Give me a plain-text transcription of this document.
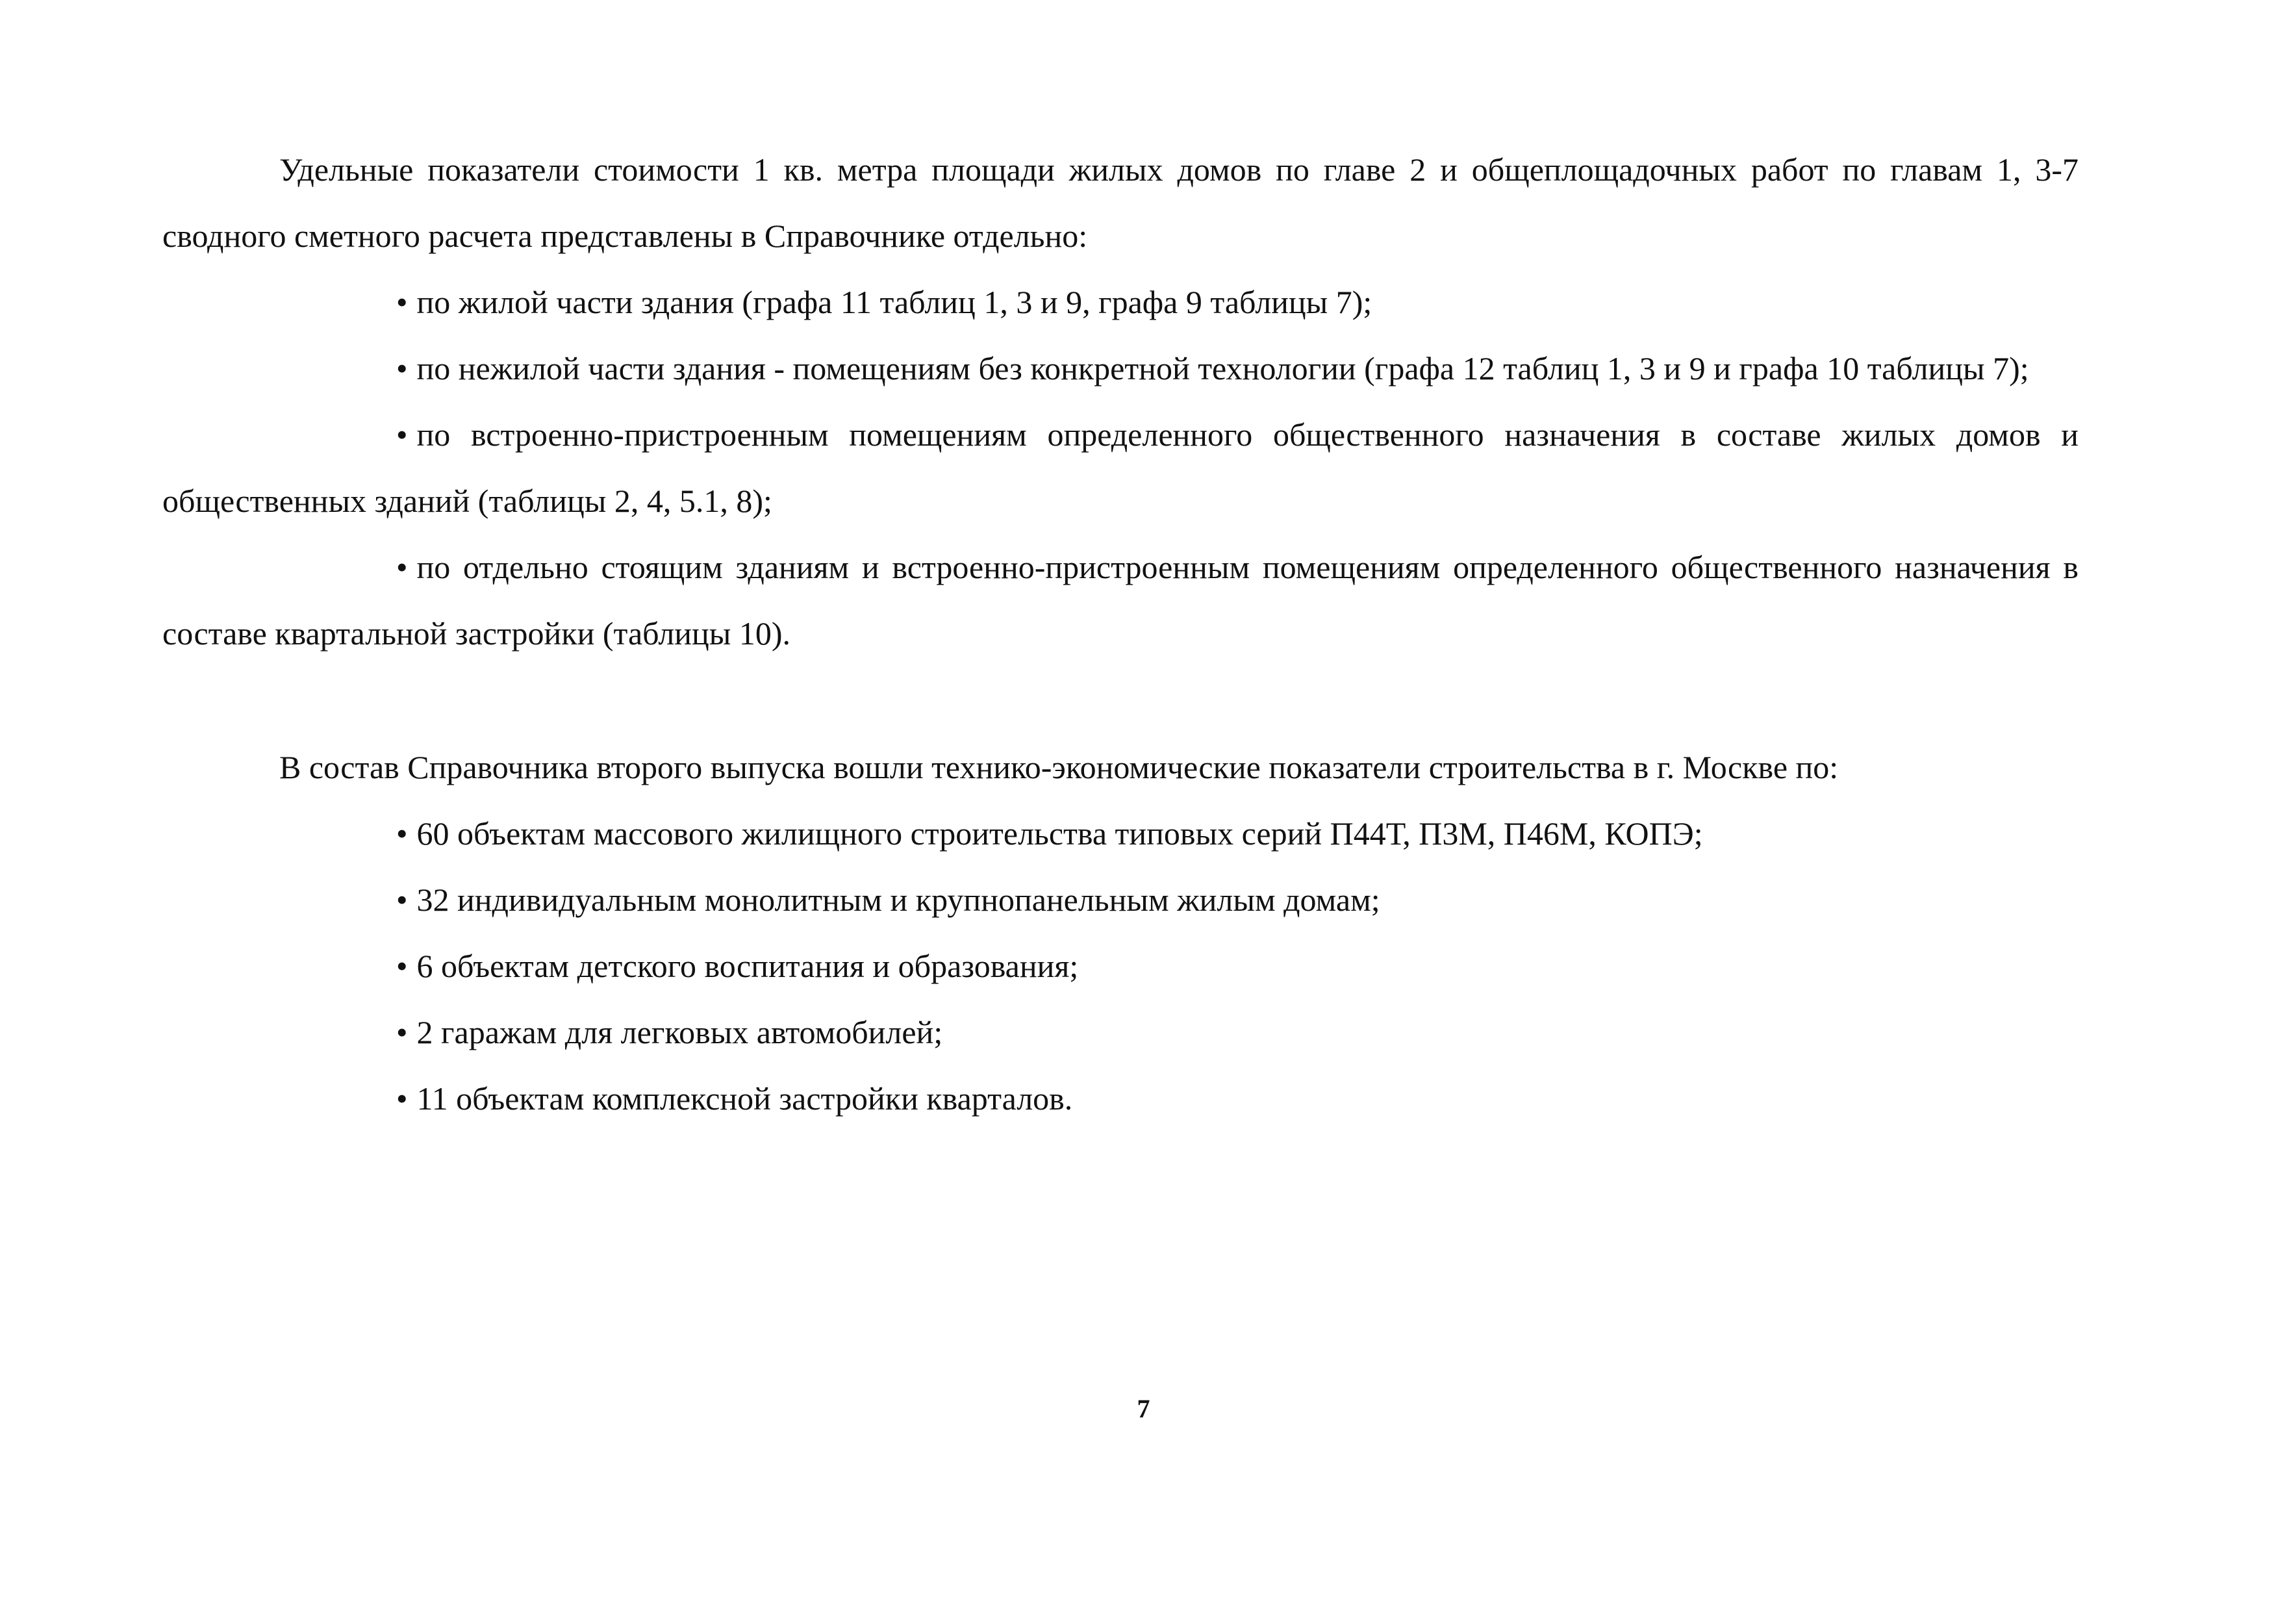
Удельные показатели стоимости 1 кв. метра площади жилых домов по главе 2 и общеплощадочных работ по главам 1, 3-7 сводного сметного расчета представлены в Справочнике отдельно:

• по жилой части здания (графа 11 таблиц 1, 3 и 9, графа 9 таблицы 7);

• по нежилой части здания - помещениям без конкретной технологии (графа 12 таблиц 1, 3 и 9 и графа 10 таблицы 7);

• по встроенно-пристроенным помещениям определенного общественного назначения в составе жилых домов и общественных зданий (таблицы 2, 4, 5.1, 8);

• по отдельно стоящим зданиям и встроенно-пристроенным помещениям определенного общественного назначения в составе квартальной застройки (таблицы 10).

В состав Справочника второго выпуска вошли технико-экономические показатели строительства в г. Москве по:

• 60 объектам массового жилищного строительства типовых серий П44Т, П3М, П46М, КОПЭ;

• 32 индивидуальным монолитным и крупнопанельным жилым домам;

• 6 объектам детского воспитания и образования;

• 2 гаражам для легковых автомобилей;

• 11 объектам комплексной застройки кварталов.

7
